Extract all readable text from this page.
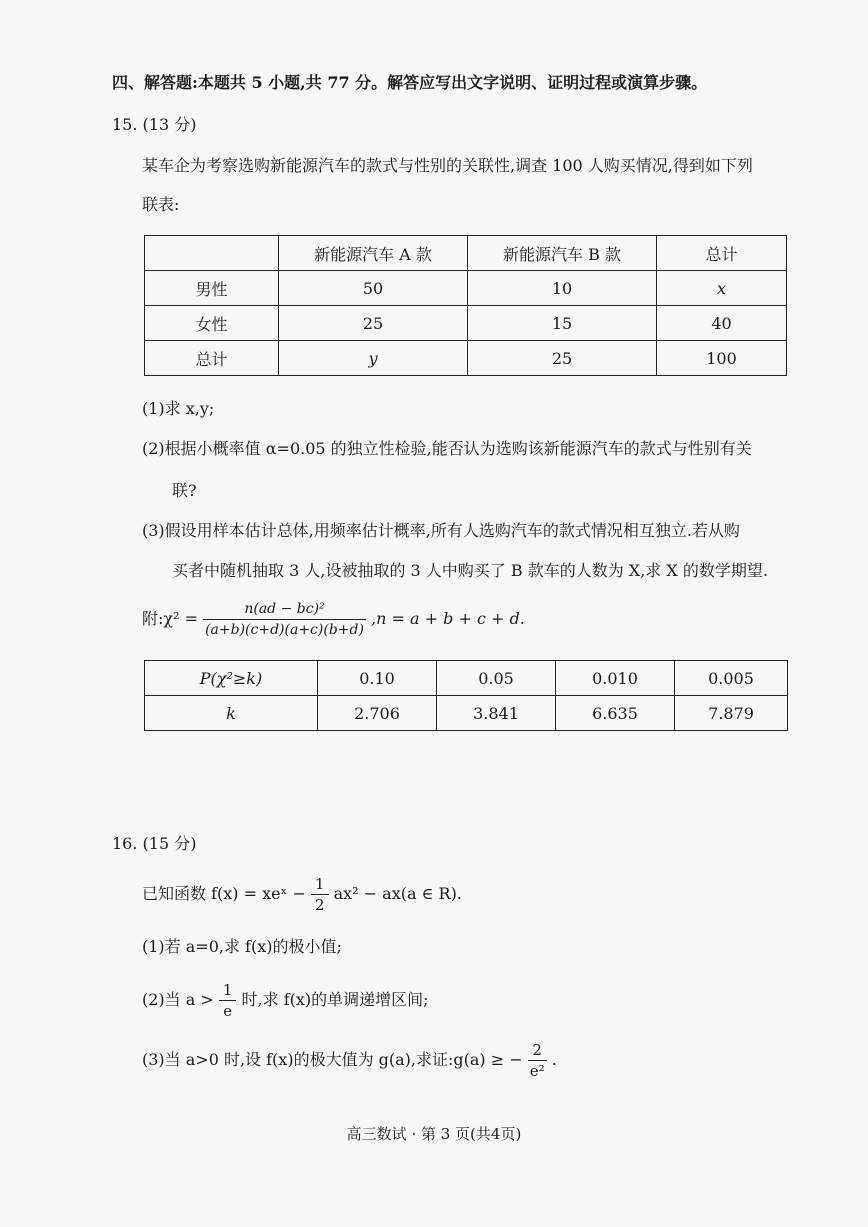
四、解答题:本题共 5 小题,共 77 分。解答应写出文字说明、证明过程或演算步骤。
15. (13 分)
某车企为考察选购新能源汽车的款式与性别的关联性,调查 100 人购买情况,得到如下列
联表:
	新能源汽车 A 款	新能源汽车 B 款	总计
男性	50	10	x
女性	25	15	40
总计	y	25	100
(1)求 x,y;
(2)根据小概率值 α=0.05 的独立性检验,能否认为选购该新能源汽车的款式与性别有关
联?
(3)假设用样本估计总体,用频率估计概率,所有人选购汽车的款式情况相互独立.若从购
买者中随机抽取 3 人,设被抽取的 3 人中购买了 B 款车的人数为 X,求 X 的数学期望.
附:χ² = $\frac{\text{n(ad − bc)²}}{(a+b)(c+d)(a+c)(b+d)} ,n = a + b + c + d$.
P(χ²≥k)	0.10	0.05	0.010	0.005
k	2.706	3.841	6.635	7.879
16. (15 分)
已知函数 f(x) = xeˣ − $\frac{1}{2} ax^2 - ax(a$ ∈ R).
(1)若 a=0,求 f(x)的极小值;
(2)当 $a > \frac{1}{e}$ 时,求 f(x)的单调递增区间;
(3)当 a>0 时,设 f(x)的极大值为 g(a),求证:g(a) ≥ − $\frac{2}{\text{e²}}$ .
高三数试 · 第 3 页(共4页)
